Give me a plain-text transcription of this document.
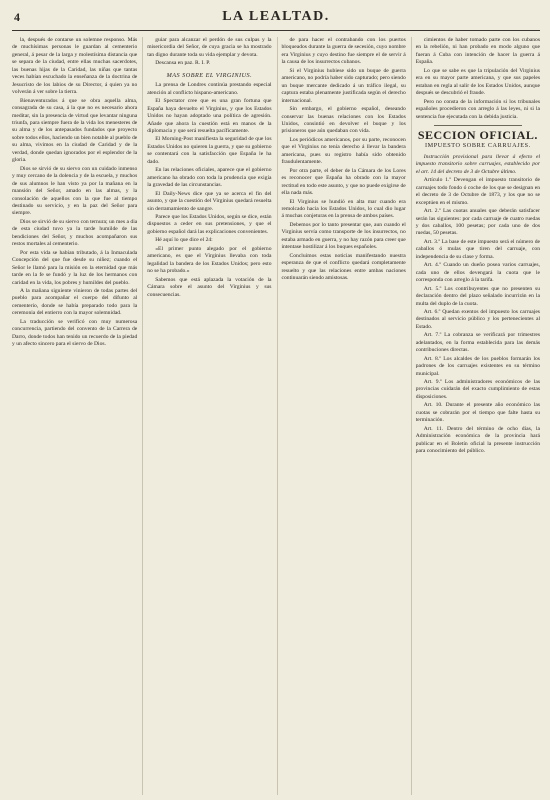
4	LA LEALTAD.

la, después de contarse un solemne responso. Más de muchísimas personas le guardan al cementerio general, á pesar de la larga y molestísima distancia que se separa de la ciudad, entre ellas muchas sacerdotes, las buenas hijas de la Caridad, las niñas que tantas veces habían escuchado la enseñanza de la doctrina de Jesucristo de los labios de su Director, á quien ya no volverán á ver sobre la tierra.

Bienaventurados á que se obra aquella alma, consagrada de su casa, á la que no es necesario ahora meditar, sin la presencia de virtud que levantar ninguna triunfa, para siempre fuera de la vida los menesteres de su alma y de los antepasados fundados que proyecto sobre todos ellos, haciendo un bien notable al pueblo de su alma, vivimos en la ciudad de Caridad y de la verdad, donde quedan ignorados por el esplendor de la gloria.

Dios se sirvió de su siervo con un cuidado inmenso y muy cercano de la dolencia y de la escuela, y muchos de sus alumnos le han visto ya por la mañana en la mansión del Señor, amado en las almas, y la consolación de aquellos con la que fue al tiempo destinado su servicio, y en la paz del Señor para siempre.

Dios se sirvió de su siervo con ternura; un mes a dia de esta ciudad tuvo ya la tarde humilde de las bendiciones del Señor, y muchos acompañaron sus restos mortales al cementerio.

Por esta vida se habían tributado, á la Inmaculada Concepción del que fue desde su niñez; cuando el Señor le llamó para la misión en la eternidad que más tarde en la fe se fundó y la luz de los hermanos con caridad en la vida, los pobres y humildes del pueblo.

A la mañana siguiente vinieron de todas partes del pueblo para acompañar el cuerpo del difunto al cementerio, donde se había preparado todo para la ceremonia del entierro con la mayor solemnidad.

La traducción se verificó con muy numerosa concurrencia, partiendo del convento de la Carrera de Darro, donde todos han tenido un recuerdo de la piedad y un afecto sincero para el siervo de Dios.

guiar para alcanzar el perdón de sus culpas y la misericordia del Señor, de cuya gracia se ha mostrado tan digno durante toda su vida ejemplar y devota.

Descansa en paz. R. I. P.

MAS SOBRE EL VIRGINIUS.

La prensa de Londres continúa prestando especial atención al conflicto hispano-americano.

El Spectator cree que es una gran fortuna que España haya devuelto el Virginius, y que los Estados Unidos no hayan adoptado una política de agresión. Añade que ahora la cuestión está en manos de la diplomacia y que será resuelta pacíficamente.

El Morning-Post manifiesta la seguridad de que los Estados Unidos no quieren la guerra, y que su gobierno se contentará con la satisfacción que España le ha dado.

En las relaciones oficiales, aparece que el gobierno americano ha obrado con toda la prudencia que exigía la gravedad de las circunstancias.

El Daily-News dice que ya se acerca el fin del asunto, y que la cuestión del Virginius quedará resuelta sin derramamiento de sangre.

Parece que los Estados Unidos, según se dice, están dispuestos a ceder en sus pretensiones, y que el gobierno español dará las explicaciones convenientes.

Hé aquí lo que dice el 24:

«El primer punto alegado por el gobierno americano, es que el Virginius llevaba con toda legalidad la bandera de los Estados Unidos; pero esto no se ha probado.»

Sabemos que está aplazada la votación de la Cámara sobre el asunto del Virginius y sus consecuencias.

de para hacer el contrabando con los puertos bloqueados durante la guerra de secesión, cuyo nombre era Virginius y cuyo destino fue siempre el de servir á la causa de los insurrectos cubanos.

Si el Virginius hubiese sido un buque de guerra americano, no podría haber sido capturado; pero siendo un buque mercante dedicado á un tráfico ilegal, su captura estaba plenamente justificada según el derecho internacional.

Sin embargo, el gobierno español, deseando conservar las buenas relaciones con los Estados Unidos, consintió en devolver el buque y los prisioneros que aún quedaban con vida.

Los periódicos americanos, por su parte, reconocen que el Virginius no tenía derecho á llevar la bandera americana, pues su registro había sido obtenido fraudulentamente.

Por otra parte, el deber de la Cámara de los Lores es reconocer que España ha obrado con la mayor rectitud en todo este asunto, y que no puede exigirse de ella nada más.

El Virginius se hundió en alta mar cuando era remolcado hacia los Estados Unidos, lo cual dio lugar á muchas conjeturas en la prensa de ambos países.

Debemos por lo tanto presentar que, aun cuando el Virginius servía como transporte de los insurrectos, no estaba armado en guerra, y no hay razón para creer que intentase hostilizar á los buques españoles.

Concluimos estas noticias manifestando nuestra esperanza de que el conflicto quedará completamente resuelto y que las relaciones entre ambas naciones continuarán siendo amistosas.

cimientos de haber tomado parte con los cubanos en la rebelión, ni han probado en modo alguno que fueran á Cuba con intención de hacer la guerra á España.

Lo que se sabe es que la tripulación del Virginius era en su mayor parte americana, y que sus papeles estaban en regla al salir de los Estados Unidos, aunque después se descubrió el fraude.

Pero no consta de la información si los tribunales españoles procedieron con arreglo á las leyes, ni si la sentencia fue ejecutada con la debida justicia.

SECCION OFICIAL.

IMPUESTO SOBRE CARRUAJES.

Instrucción provisional para llevar á efecto el impuesto transitorio sobre carruajes, establecido por el art. 14 del decreto de 3 de Octubre último.

Artículo 1.º Devengan el impuesto transitorio de carruajes todo fondo ó coche de los que se designan en el decreto de 3 de Octubre de 1873, y los que no se exceptúen en el mismo.

Art. 2.º Las cuotas anuales que deberán satisfacer serán las siguientes: por cada carruaje de cuatro ruedas y dos caballos, 100 pesetas; por cada uno de dos ruedas, 50 pesetas.

Art. 3.º La base de este impuesto será el número de caballos ó mulas que tiren del carruaje, con independencia de su clase y forma.

Art. 4.º Cuando un dueño posea varios carruajes, cada uno de ellos devengará la cuota que le corresponda con arreglo á la tarifa.

Art. 5.º Los contribuyentes que no presenten su declaración dentro del plazo señalado incurrirán en la multa del duplo de la cuota.

Art. 6.º Quedan exentos del impuesto los carruajes destinados al servicio público y los pertenecientes al Estado.

Art. 7.º La cobranza se verificará por trimestres adelantados, en la forma establecida para las demás contribuciones directas.

Art. 8.º Los alcaldes de los pueblos formarán los padrones de los carruajes existentes en su término municipal.

Art. 9.º Los administradores económicos de las provincias cuidarán del exacto cumplimiento de estas disposiciones.

Art. 10. Durante el presente año económico las cuotas se cobrarán por el tiempo que falte hasta su terminación.

Art. 11. Dentro del término de ocho días, la Administración económica de la provincia hará publicar en el Boletín oficial la presente instrucción para conocimiento del público.
